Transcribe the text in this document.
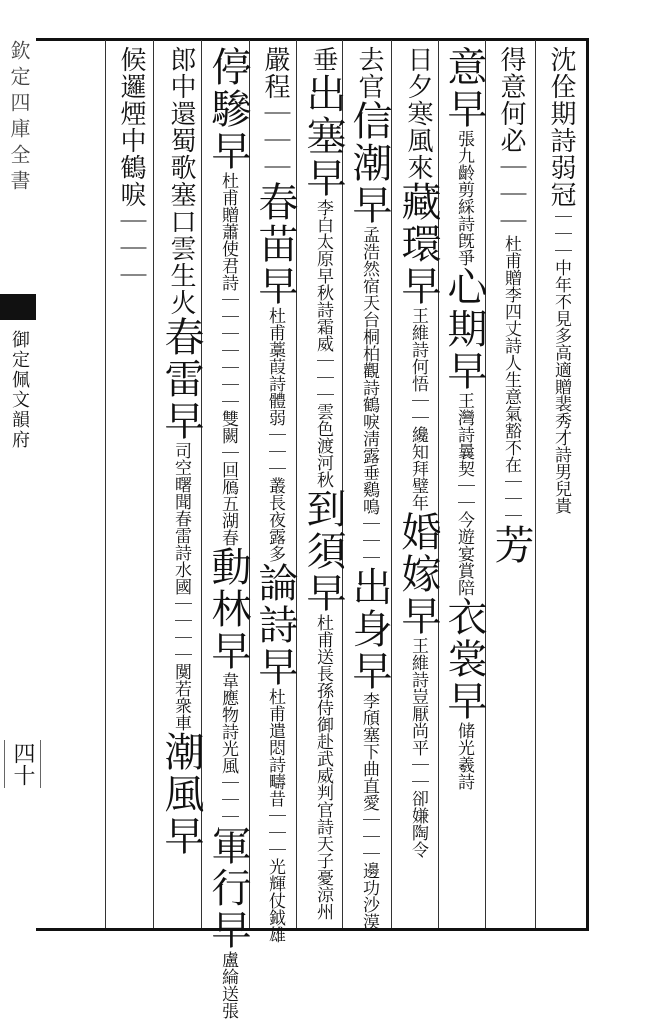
欽定四庫全書
御定佩文韻府
四十
沈佺期詩弱冠｜｜｜中年不見多高適贈裴秀才詩男兒貴
得意何必｜｜｜杜甫贈李四丈詩人生意氣豁不在｜｜｜芳
意早張九齡剪綵詩旣爭心期早王灣詩曩契｜｜今遊宴賞陪衣裳早储光羲詩
日夕寒風來藏環早王維詩何悟｜｜纔知拜璧年婚嫁早王維詩豈厭尚平｜｜卻嫌陶令
去官信潮早孟浩然宿天台桐柏觀詩鶴唳淸露垂鷄鳴｜｜｜出身早李頎塞下曲直愛｜｜｜邊功沙漠
垂出塞早李白太原早秋詩霜威｜｜｜雲色渡河秋到須早杜甫送長孫侍御赴武威判官詩天子憂涼州
嚴程｜｜｜春苗早杜甫藁葭詩體弱｜｜｜叢長夜露多論詩早杜甫遣悶詩疇昔｜｜｜光輝仗鉞雄
停驂早杜甫贈蕭使君詩｜｜｜｜｜｜｜雙闕｜回鴈五湖春動林早韋應物詩光風｜｜｜軍行早盧綸送張
郎中還蜀歌塞口雲生火春雷早司空曙聞春雷詩水國｜｜｜｜闃若衆車潮風早
候邏煙中鶴唳｜｜｜
